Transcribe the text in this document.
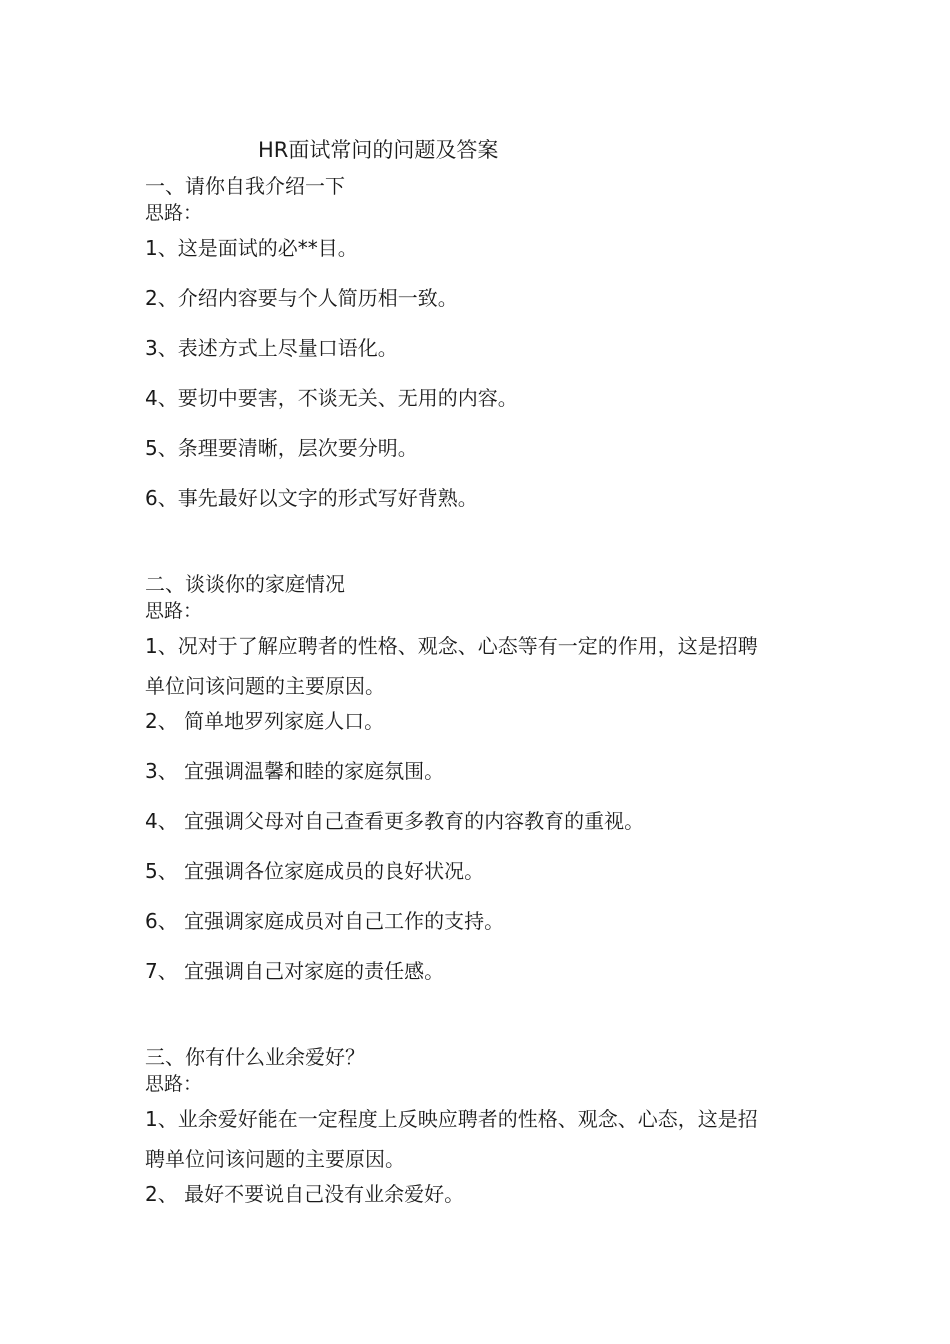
HR面试常问的问题及答案
一、请你自我介绍一下
思路：
1、这是面试的必**目。
2、介绍内容要与个人简历相一致。
3、表述方式上尽量口语化。
4、要切中要害，不谈无关、无用的内容。
5、条理要清晰，层次要分明。
6、事先最好以文字的形式写好背熟。
二、谈谈你的家庭情况
思路：
1、况对于了解应聘者的性格、观念、心态等有一定的作用，这是招聘
单位问该问题的主要原因。
2、 简单地罗列家庭人口。
3、 宜强调温馨和睦的家庭氛围。
4、 宜强调父母对自己查看更多教育的内容教育的重视。
5、 宜强调各位家庭成员的良好状况。
6、 宜强调家庭成员对自己工作的支持。
7、 宜强调自己对家庭的责任感。
三、你有什么业余爱好？
思路：
1、业余爱好能在一定程度上反映应聘者的性格、观念、心态，这是招
聘单位问该问题的主要原因。
2、 最好不要说自己没有业余爱好。
